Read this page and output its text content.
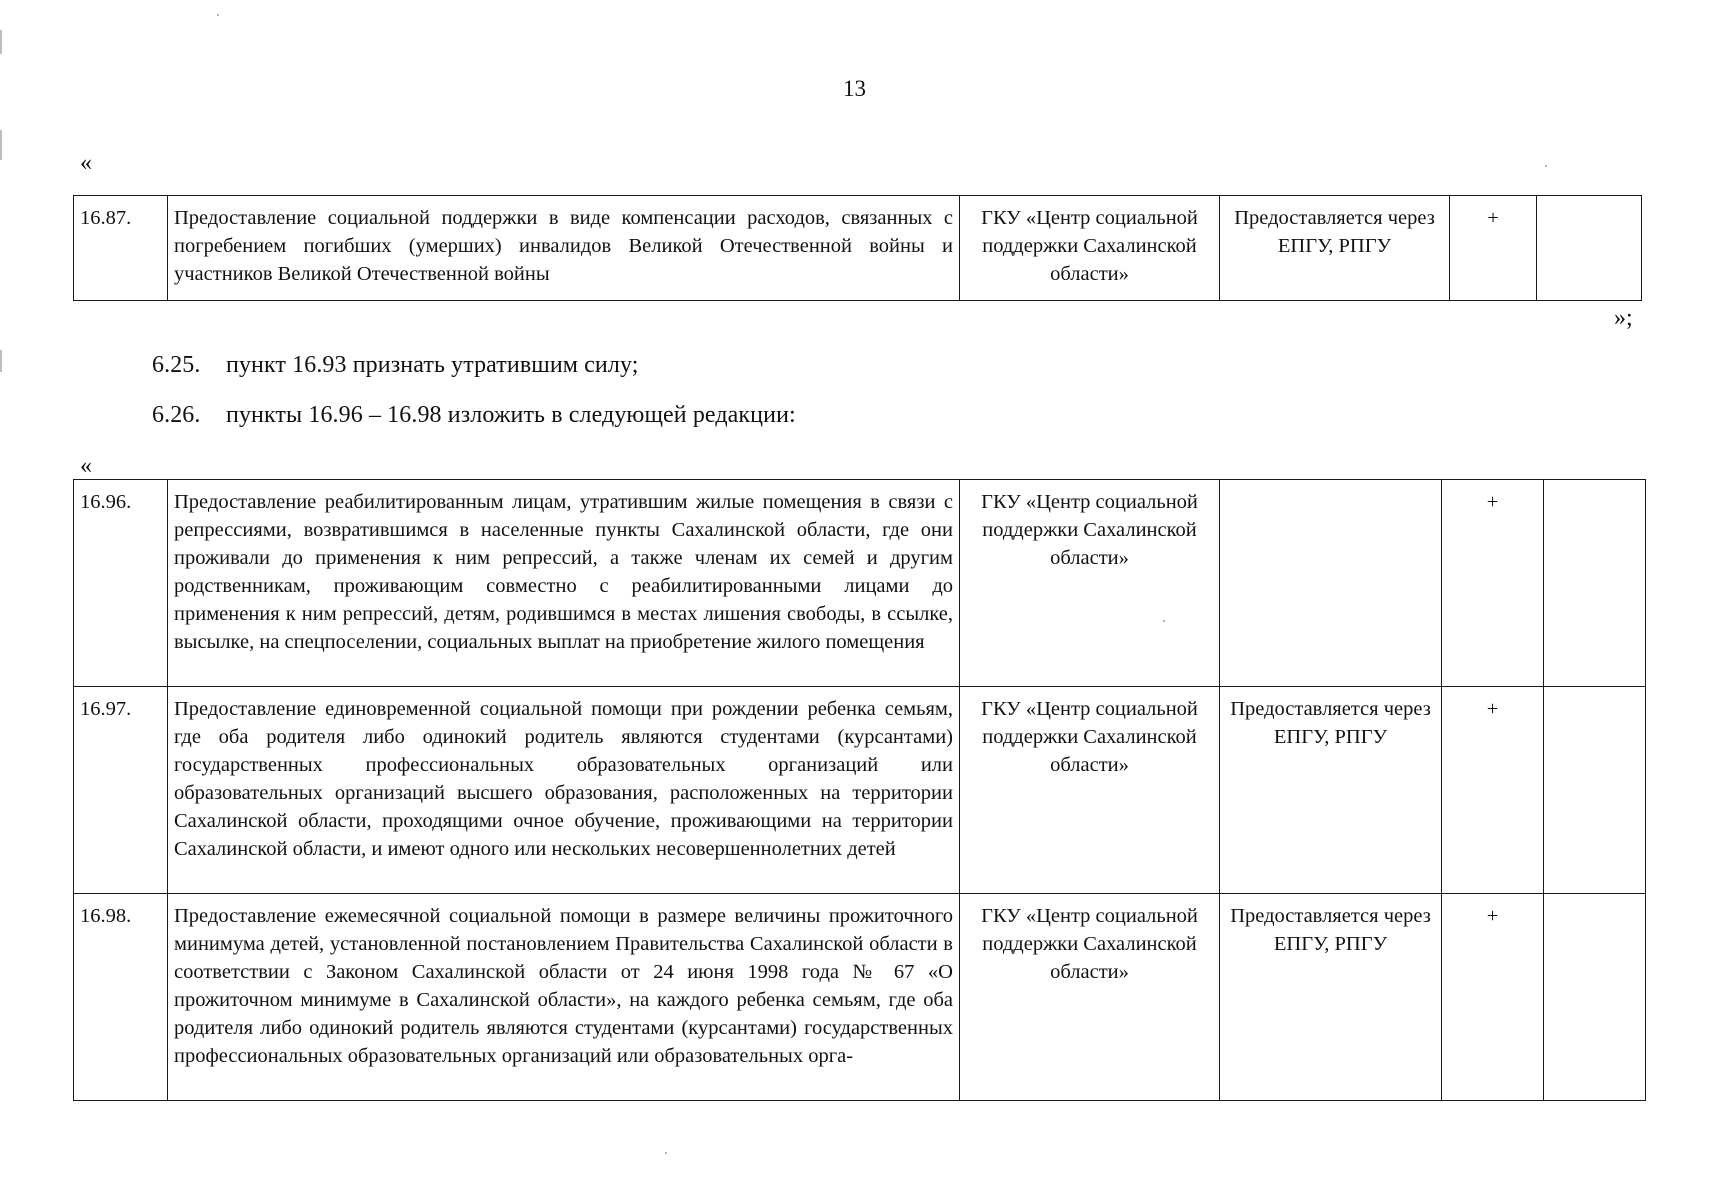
13
«
16.87.	Предоставление социальной поддержки в виде компенсации расходов, связанных с погребением погибших (умерших) инвалидов Великой Отечественной войны и участников Великой Отечественной войны	ГКУ «Центр социальной поддержки Сахалинской области»	Предоставляется через ЕПГУ, РПГУ	+	
»;
6.25. пункт 16.93 признать утратившим силу;
6.26. пункты 16.96 – 16.98 изложить в следующей редакции:
«
16.96.	Предоставление реабилитированным лицам, утратившим жилые помещения в связи с репрессиями, возвратившимся в населенные пункты Сахалинской области, где они проживали до применения к ним репрессий, а также членам их семей и другим родственникам, проживающим совместно с реабилитированными лицами до применения к ним репрессий, детям, родившимся в местах лишения свободы, в ссылке, высылке, на спецпоселении, социальных выплат на приобретение жилого помещения	ГКУ «Центр социальной поддержки Сахалинской области»		+	
16.97.	Предоставление единовременной социальной помощи при рождении ребенка семьям, где оба родителя либо одинокий родитель являются студентами (курсантами) государственных профессиональных образовательных организаций или образовательных организаций высшего образования, расположенных на территории Сахалинской области, проходящими очное обучение, проживающими на территории Сахалинской области, и имеют одного или нескольких несовершеннолетних детей	ГКУ «Центр социальной поддержки Сахалинской области»	Предоставляется через ЕПГУ, РПГУ	+	
16.98.	Предоставление ежемесячной социальной помощи в размере величины прожиточного минимума детей, установленной постановлением Правительства Сахалинской области в соответствии с Законом Сахалинской области от 24 июня 1998 года № 67 «О прожиточном минимуме в Сахалинской области», на каждого ребенка семьям, где оба родителя либо одинокий родитель являются студентами (курсантами) государственных профессиональных образовательных организаций или образовательных орга-	ГКУ «Центр социальной поддержки Сахалинской области»	Предоставляется через ЕПГУ, РПГУ	+	
